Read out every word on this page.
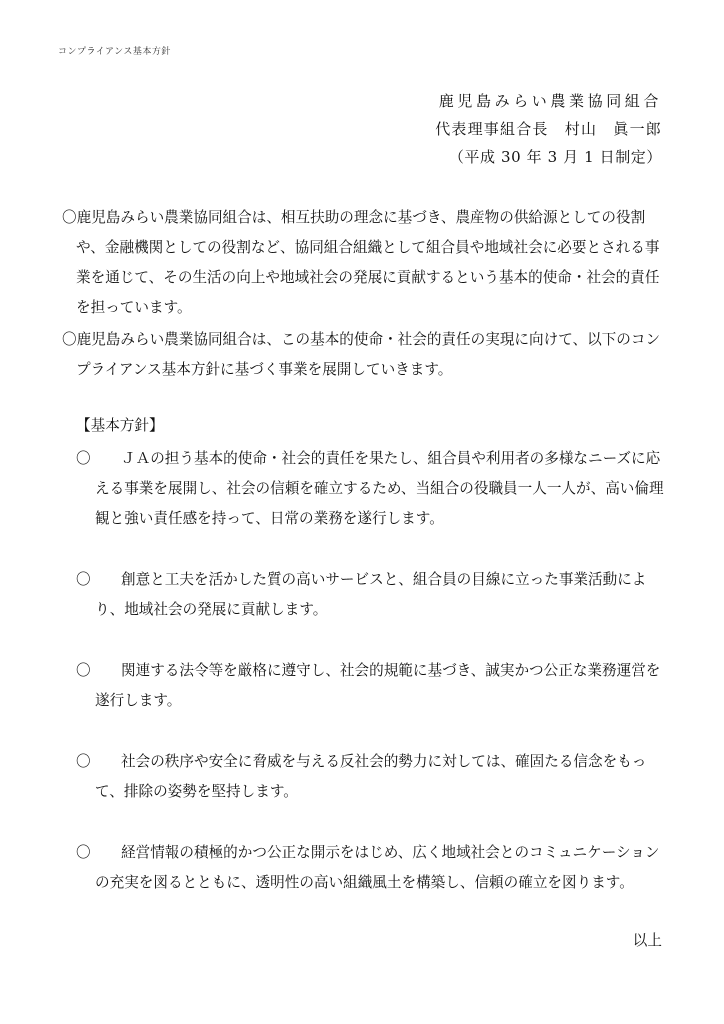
コンプライアンス基本方針
鹿児島みらい農業協同組合
代表理事組合長　村山　眞一郎
（平成 30 年 3 月 1 日制定）

〇鹿児島みらい農業協同組合は、相互扶助の理念に基づき、農産物の供給源としての役割や、金融機関としての役割など、協同組合組織として組合員や地域社会に必要とされる事業を通じて、その生活の向上や地域社会の発展に貢献するという基本的使命・社会的責任を担っています。

〇鹿児島みらい農業協同組合は、この基本的使命・社会的責任の実現に向けて、以下のコンプライアンス基本方針に基づく事業を展開していきます。

【基本方針】
〇	ＪＡの担う基本的使命・社会的責任を果たし、組合員や利用者の多様なニーズに応える事業を展開し、社会の信頼を確立するため、当組合の役職員一人一人が、高い倫理観と強い責任感を持って、日常の業務を遂行します。
〇	創意と工夫を活かした質の高いサービスと、組合員の目線に立った事業活動により、地域社会の発展に貢献します。
〇	関連する法令等を厳格に遵守し、社会的規範に基づき、誠実かつ公正な業務運営を遂行します。
〇	社会の秩序や安全に脅威を与える反社会的勢力に対しては、確固たる信念をもって、排除の姿勢を堅持します。
〇	経営情報の積極的かつ公正な開示をはじめ、広く地域社会とのコミュニケーションの充実を図るとともに、透明性の高い組織風土を構築し、信頼の確立を図ります。
以上
